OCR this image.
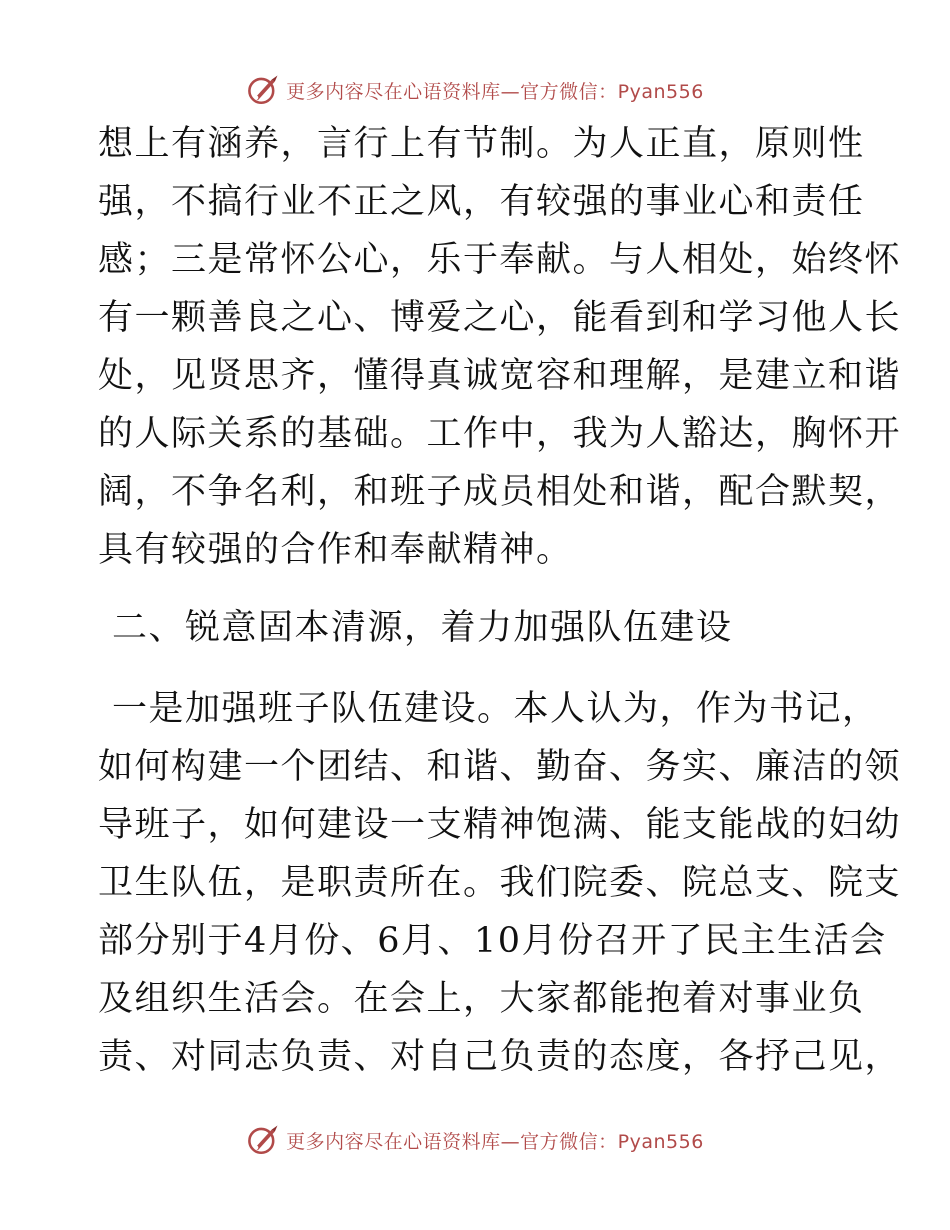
更多内容尽在心语资料库—官方微信：Pyan556
想上有涵养，言行上有节制。为人正直，原则性
强，不搞行业不正之风，有较强的事业心和责任
感；三是常怀公心，乐于奉献。与人相处，始终怀
有一颗善良之心、博爱之心，能看到和学习他人长
处，见贤思齐，懂得真诚宽容和理解，是建立和谐
的人际关系的基础。工作中，我为人豁达，胸怀开
阔，不争名利，和班子成员相处和谐，配合默契，
具有较强的合作和奉献精神。
二、锐意固本清源，着力加强队伍建设
一是加强班子队伍建设。本人认为，作为书记，
如何构建一个团结、和谐、勤奋、务实、廉洁的领
导班子，如何建设一支精神饱满、能支能战的妇幼
卫生队伍，是职责所在。我们院委、院总支、院支
部分别于4月份、6月、10月份召开了民主生活会
及组织生活会。在会上，大家都能抱着对事业负
责、对同志负责、对自己负责的态度，各抒己见，
更多内容尽在心语资料库—官方微信：Pyan556
